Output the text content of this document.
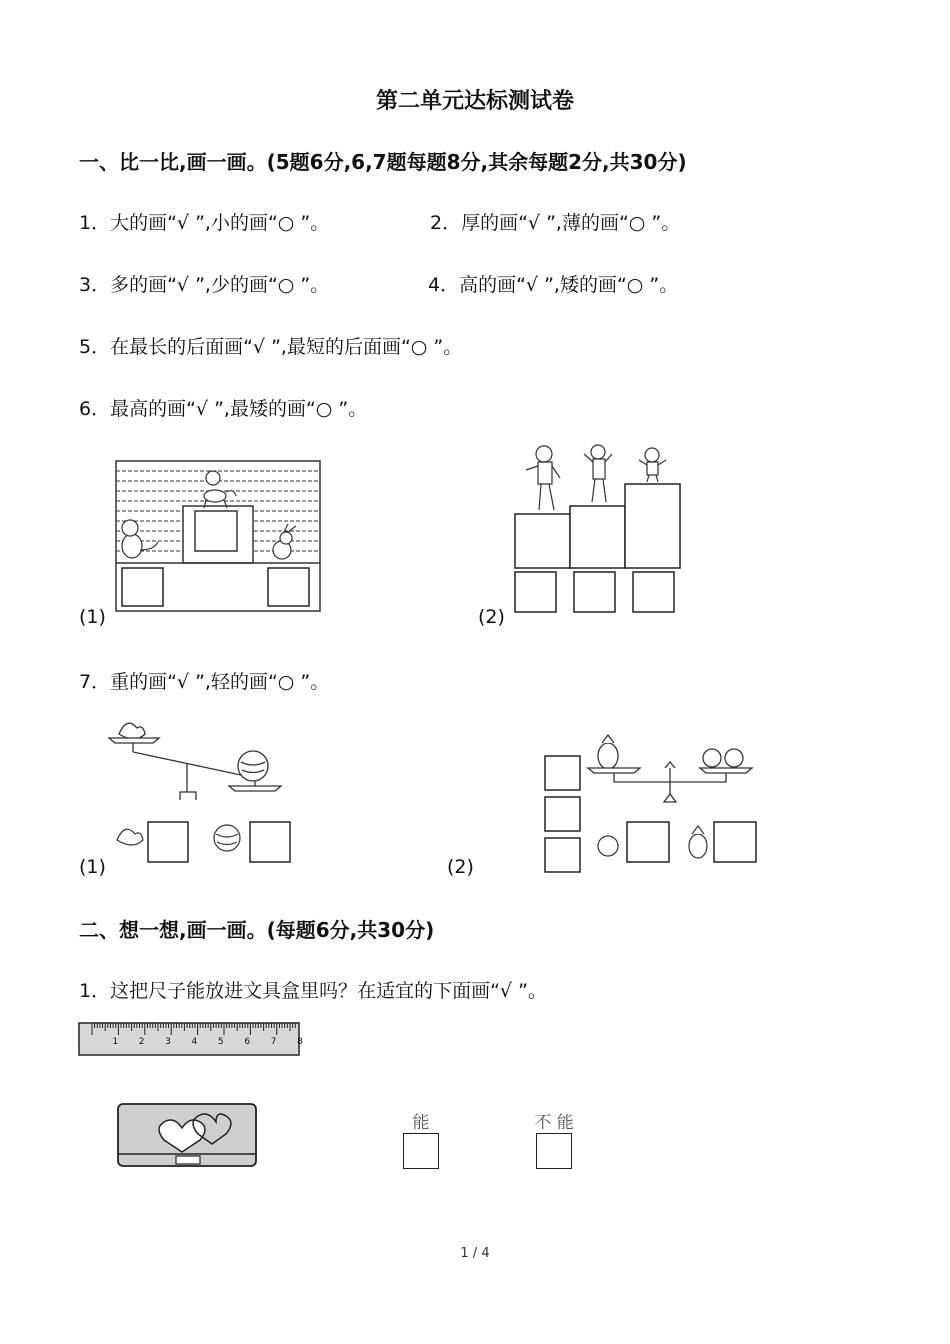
第二单元达标测试卷
一、比一比,画一画。(5题6分,6,7题每题8分,其余每题2分,共30分)
1．大的画“√ ”,小的画“○ ”。	2．厚的画“√ ”,薄的画“○ ”。
3．多的画“√ ”,少的画“○ ”。	4．高的画“√ ”,矮的画“○ ”。
5．在最长的后面画“√ ”,最短的后面画“○ ”。
6．最高的画“√ ”,最矮的画“○ ”。
(1)	(2)
7．重的画“√ ”,轻的画“○ ”。
(1)	(2)
二、想一想,画一画。(每题6分,共30分)
1．这把尺子能放进文具盒里吗？在适宜的下面画“√ ”。
1 2 3 4 5 6 7 8
能	不 能
1 / 4
